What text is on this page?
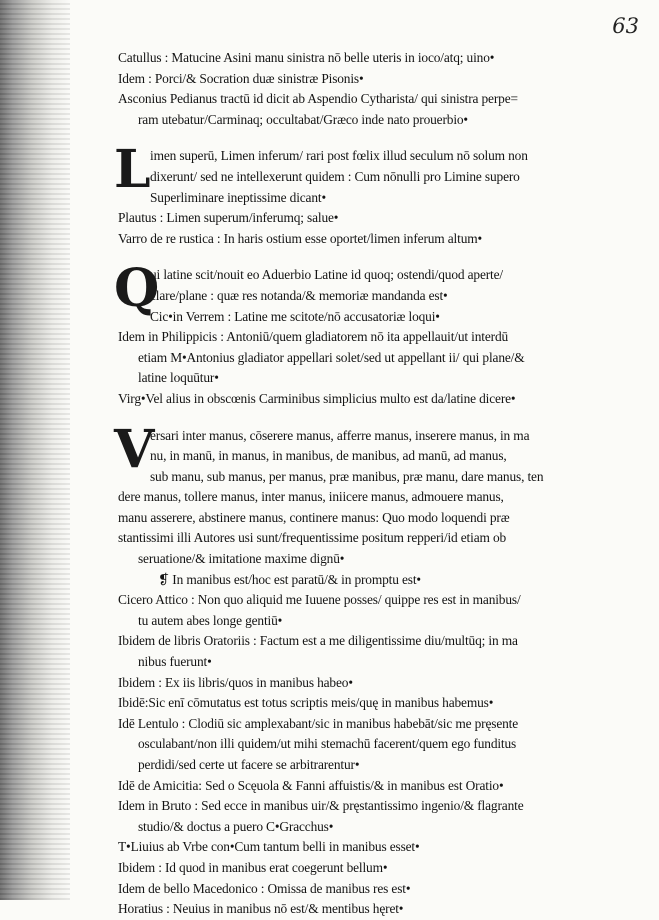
63
Catullus : Matucine Asini manu sinistra nō belle uteris in ioco/atq; uino•
Idem : Porci/& Socration duæ sinistræ Pisonis•
Asconius Pedianus tractū id dicit ab Aspendio Cytharista/ qui sinistra perpe=
ram utebatur/Carminaq; occultabat/Græco inde nato prouerbio•
L imen superū, Limen inferum/ rari post fœlix illud seculum nō solum non
dixerunt/ sed ne intellexerunt quidem : Cum nōnulli pro Limine supero
Superliminare ineptissime dicant•
Plautus : Limen superum/inferumq; salue•
Varro de re rustica : In haris ostium esse oportet/limen inferum altum•
Q
ui latine scit/nouit eo Aduerbio Latine id quoq; ostendi/quod aperte/
clare/plane : quæ res notanda/& memoriæ mandanda est•
Cic•in Verrem : Latine me scitote/nō accusatoriæ loqui•
Idem in Philippicis : Antoniū/quem gladiatorem nō ita appellauit/ut interdū
etiam M•Antonius gladiator appellari solet/sed ut appellant ii/ qui plane/&
latine loquūtur•
Virg•Vel alius in obscœnis Carminibus simplicius multo est da/latine dicere•
V
ersari inter manus, cōserere manus, afferre manus, inserere manus, in ma
nu, in manū, in manus, in manibus, de manibus, ad manū, ad manus,
sub manu, sub manus, per manus, præ manibus, præ manu, dare manus, ten
dere manus, tollere manus, inter manus, iniicere manus, admouere manus,
manu asserere, abstinere manus, continere manus: Quo modo loquendi præ
stantissimi illi Autores usi sunt/frequentissime positum repperi/id etiam ob
seruatione/& imitatione maxime dignū•
❡ In manibus est/hoc est paratū/& in promptu est•
Cicero Attico : Non quo aliquid me Iuuene posses/ quippe res est in manibus/
tu autem abes longe gentiū•
Ibidem de libris Oratoriis : Factum est a me diligentissime diu/multūq; in ma
nibus fuerunt•
Ibidem : Ex iis libris/quos in manibus habeo•
Ibidē:Sic enī cōmutatus est totus scriptis meis/quę in manibus habemus•
Idē Lentulo : Clodiū sic amplexabant/sic in manibus habebāt/sic me pręsente
osculabant/non illi quidem/ut mihi stemachū facerent/quem ego funditus
perdidi/sed certe ut facere se arbitrarentur•
Idē de Amicitia: Sed o Scęuola & Fanni affuistis/& in manibus est Oratio•
Idem in Bruto : Sed ecce in manibus uir/& pręstantissimo ingenio/& flagrante
studio/& doctus a puero C•Gracchus•
T•Liuius ab Vrbe con•Cum tantum belli in manibus esset•
Ibidem : Id quod in manibus erat coegerunt bellum•
Idem de bello Macedonico : Omissa de manibus res est•
Horatius : Neuius in manibus nō est/& mentibus hęret•
